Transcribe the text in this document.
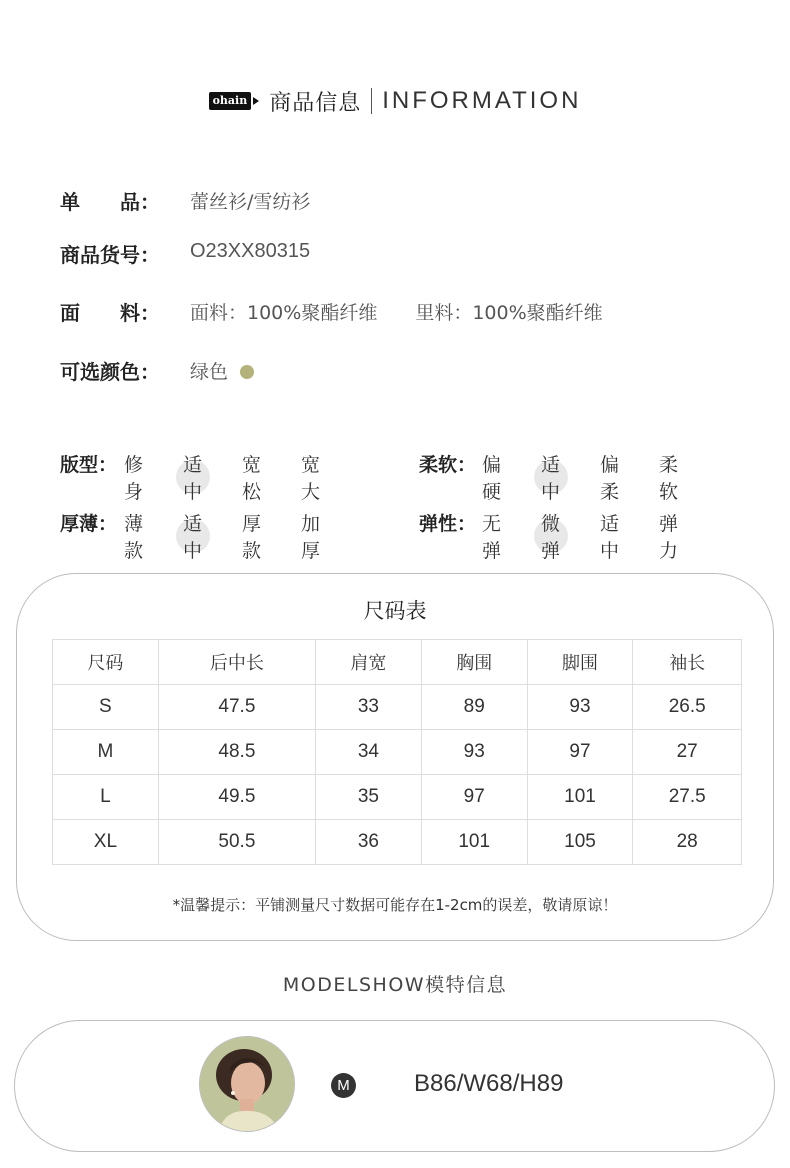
ohain 商品信息 INFORMATION
单　　品： 蕾丝衫/雪纺衫
商品货号： O23XX80315
面　　料： 面料：100%聚酯纤维　　里料：100%聚酯纤维
可选颜色： 绿色
版型： 修身
适中
宽松
宽大
柔软： 偏硬
适中
偏柔
柔软
厚薄： 薄款
适中
厚款
加厚
弹性： 无弹
微弹
适中
弹力
尺码表
尺码	后中长	肩宽	胸围	脚围	袖长
S	47.5	33	89	93	26.5
M	48.5	34	93	97	27
L	49.5	35	97	101	27.5
XL	50.5	36	101	105	28
*温馨提示：平铺测量尺寸数据可能存在1-2cm的误差，敬请原谅！
MODELSHOW模特信息
M	B86/W68/H89
